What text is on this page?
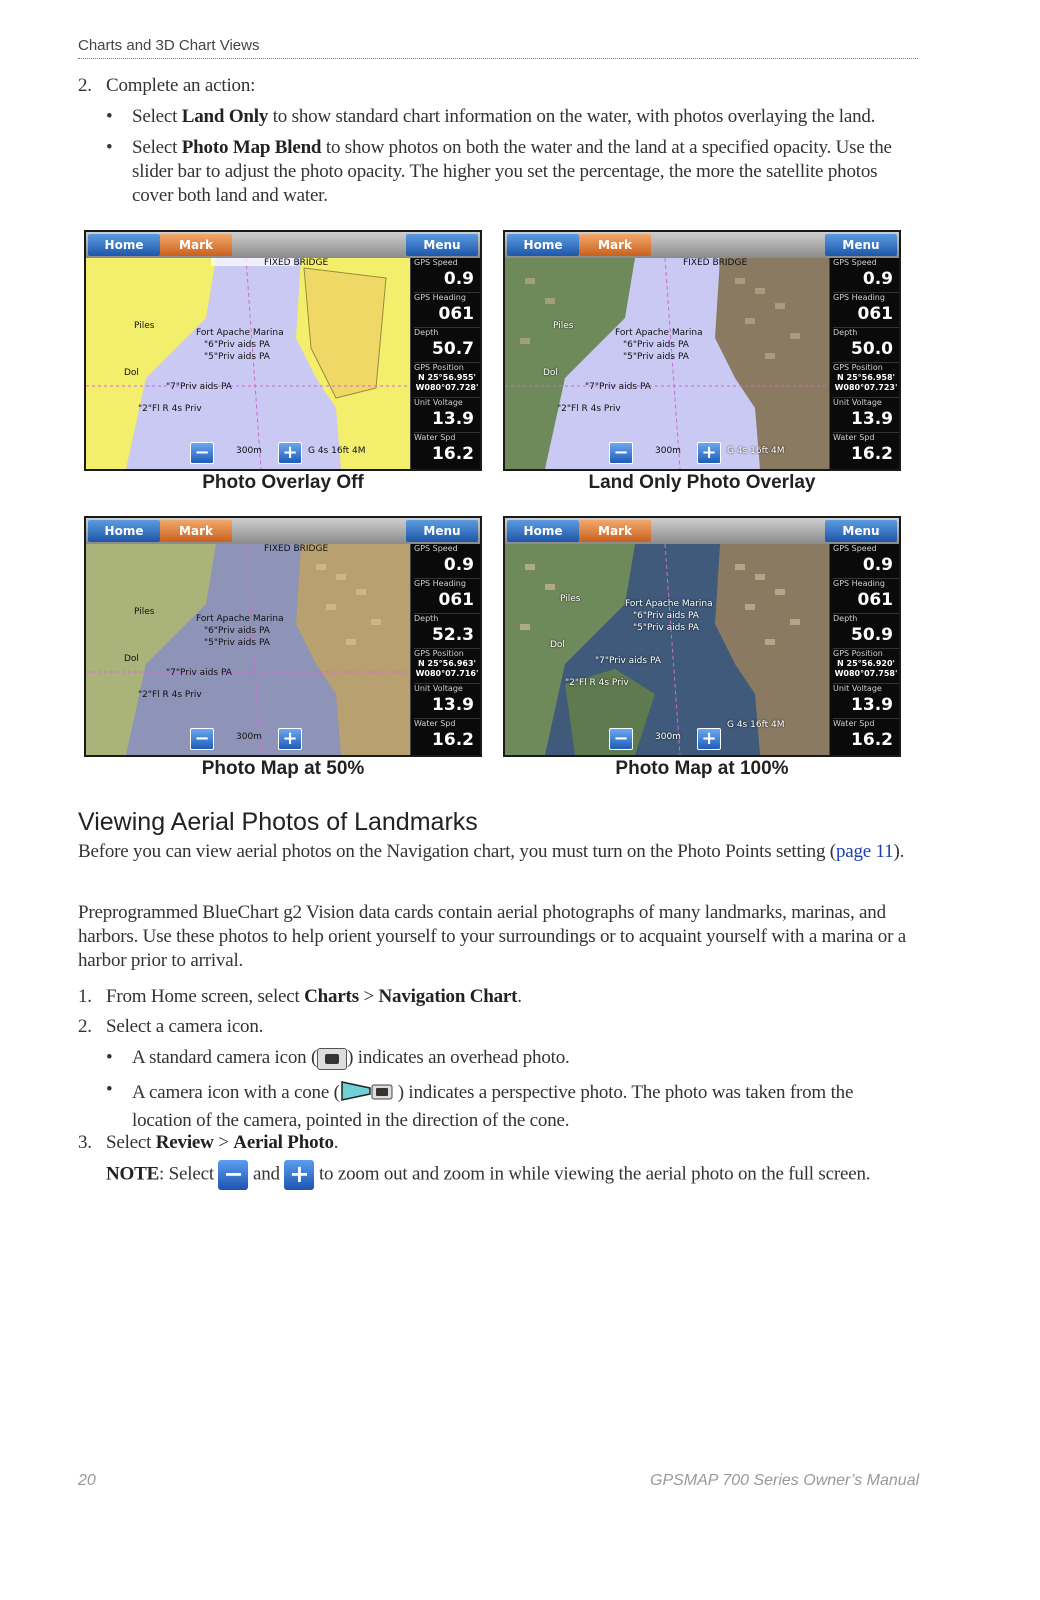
Charts and 3D Chart Views
2. Complete an action:
• Select Land Only to show standard chart information on the water, with photos overlaying the land.
• Select Photo Map Blend to show photos on both the water and the land at a specified opacity. Use the slider bar to adjust the photo opacity. The higher you set the percentage, the more the satellite photos cover both land and water.
Home	Mark	Menu
FIXED BRIDGE
Fort Apache Marina
Piles
"6"Priv aids PA
"5"Priv aids PA
Dol
"7"Priv aids PA
"2"Fl R 4s Priv
300m	G 4s 16ft 4M
−	+
GPS Speed
0.9
GPS Heading
061
Depth
50.7
GPS Position
N 25°56.955'
W080°07.728'
Unit Voltage
13.9
Water Spd
16.2
Photo Overlay Off
Home	Mark	Menu
FIXED BRIDGE
Fort Apache Marina
Piles
"6"Priv aids PA
"5"Priv aids PA
Dol
"7"Priv aids PA
"2"Fl R 4s Priv
300m	G 4s 16ft 4M
−	+
GPS Speed
0.9
GPS Heading
061
Depth
50.0
GPS Position
N 25°56.958'
W080°07.723'
Unit Voltage
13.9
Water Spd
16.2
Land Only Photo Overlay
Home	Mark	Menu
FIXED BRIDGE
Fort Apache Marina
Piles
"6"Priv aids PA
"5"Priv aids PA
Dol
"7"Priv aids PA
"2"Fl R 4s Priv
300m
−	+
GPS Speed
0.9
GPS Heading
061
Depth
52.3
GPS Position
N 25°56.963'
W080°07.716'
Unit Voltage
13.9
Water Spd
16.2
Photo Map at 50%
Home	Mark	Menu
Fort Apache Marina
Piles
"6"Priv aids PA
"5"Priv aids PA
Dol
"7"Priv aids PA
"2"Fl R 4s Priv
300m
G 4s 16ft 4M
−	+
GPS Speed
0.9
GPS Heading
061
Depth
50.9
GPS Position
N 25°56.920'
W080°07.758'
Unit Voltage
13.9
Water Spd
16.2
Photo Map at 100%
Viewing Aerial Photos of Landmarks
Before you can view aerial photos on the Navigation chart, you must turn on the Photo Points setting (page 11).
Preprogrammed BlueChart g2 Vision data cards contain aerial photographs of many landmarks, marinas, and harbors. Use these photos to help orient yourself to your surroundings or to acquaint yourself with a marina or a harbor prior to arrival.
1. From Home screen, select Charts > Navigation Chart.
2. Select a camera icon.
• A standard camera icon ( ) indicates an overhead photo.
• A camera icon with a cone (	) indicates a perspective photo. The photo was taken from the location of the camera, pointed in the direction of the cone.
3. Select Review > Aerial Photo.
NOTE: Select − and + to zoom out and zoom in while viewing the aerial photo on the full screen.
20	GPSMAP 700 Series Owner’s Manual
